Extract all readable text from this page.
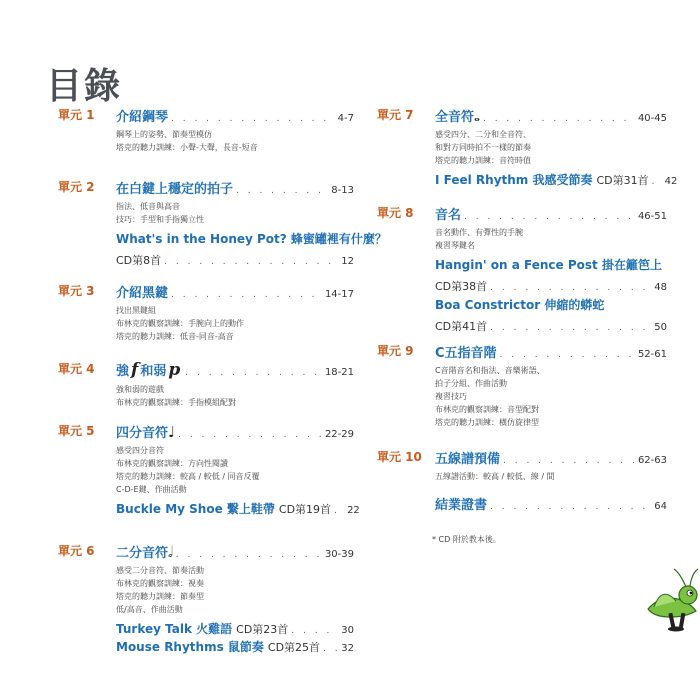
目錄
單元 1 介紹鋼琴 . . .	4-7
鋼琴上的姿勢、節奏型模仿
塔克的聽力訓練：小聲-大聲，長音-短音
單元 2 在白鍵上穩定的拍子 . . .	8-13
指法、低音與高音
技巧：手型和手指獨立性
What's in the Honey Pot? 蜂蜜罐裡有什麼？
CD第8首 . . .	12
單元 3 介紹黑鍵 . . .	14-17
找出黑鍵組
布林克的觀察訓練：手腕向上的動作
塔克的聽力訓練：低音-同音-高音
單元 4 強 f 和弱 p . . .	18-21
強和弱的遊戲
布林克的觀察訓練：手指模組配對
單元 5 四分音符♩ . . .	22-29
感受四分音符
布林克的觀察訓練：方向性閱讀
塔克的聽力訓練：較高 / 較低 / 同音反覆
C-D-E鍵、作曲活動
Buckle My Shoe 繫上鞋帶 CD第19首 . . . 22
單元 6 二分音符𝅗𝅥 . . .	30-39
感受二分音符、節奏活動
布林克的觀察訓練：視奏
塔克的聽力訓練：節奏型
低/高音、作曲活動
Turkey Talk 火雞語 CD第23首 . . .	30
Mouse Rhythms 鼠節奏 CD第25首 . . . 32
單元 7 全音符𝅝 . . .	40-45
感受四分、二分和全音符、
和對方同時拍不一樣的節奏
塔克的聽力訓練：音符時值
I Feel Rhythm 我感受節奏 CD第31首 . . . 42
單元 8 音名 . . .	46-51
音名動作、有彈性的手腕
複習琴鍵名
Hangin' on a Fence Post 掛在籬笆上
CD第38首 . . .	48
Boa Constrictor 伸縮的蟒蛇
CD第41首 . . .	50
單元 9 C五指音階 . . .	52-61
C音階音名和指法、音樂術語、
拍子分組、作曲活動
複習技巧
布林克的觀察訓練：音型配對
塔克的聽力訓練：橫仿旋律型
單元 10 五線譜預備 . . .	62-63
五線譜活動：較高 / 較低、線 / 間
結業證書 . . .	64
* CD 附於教本後。
